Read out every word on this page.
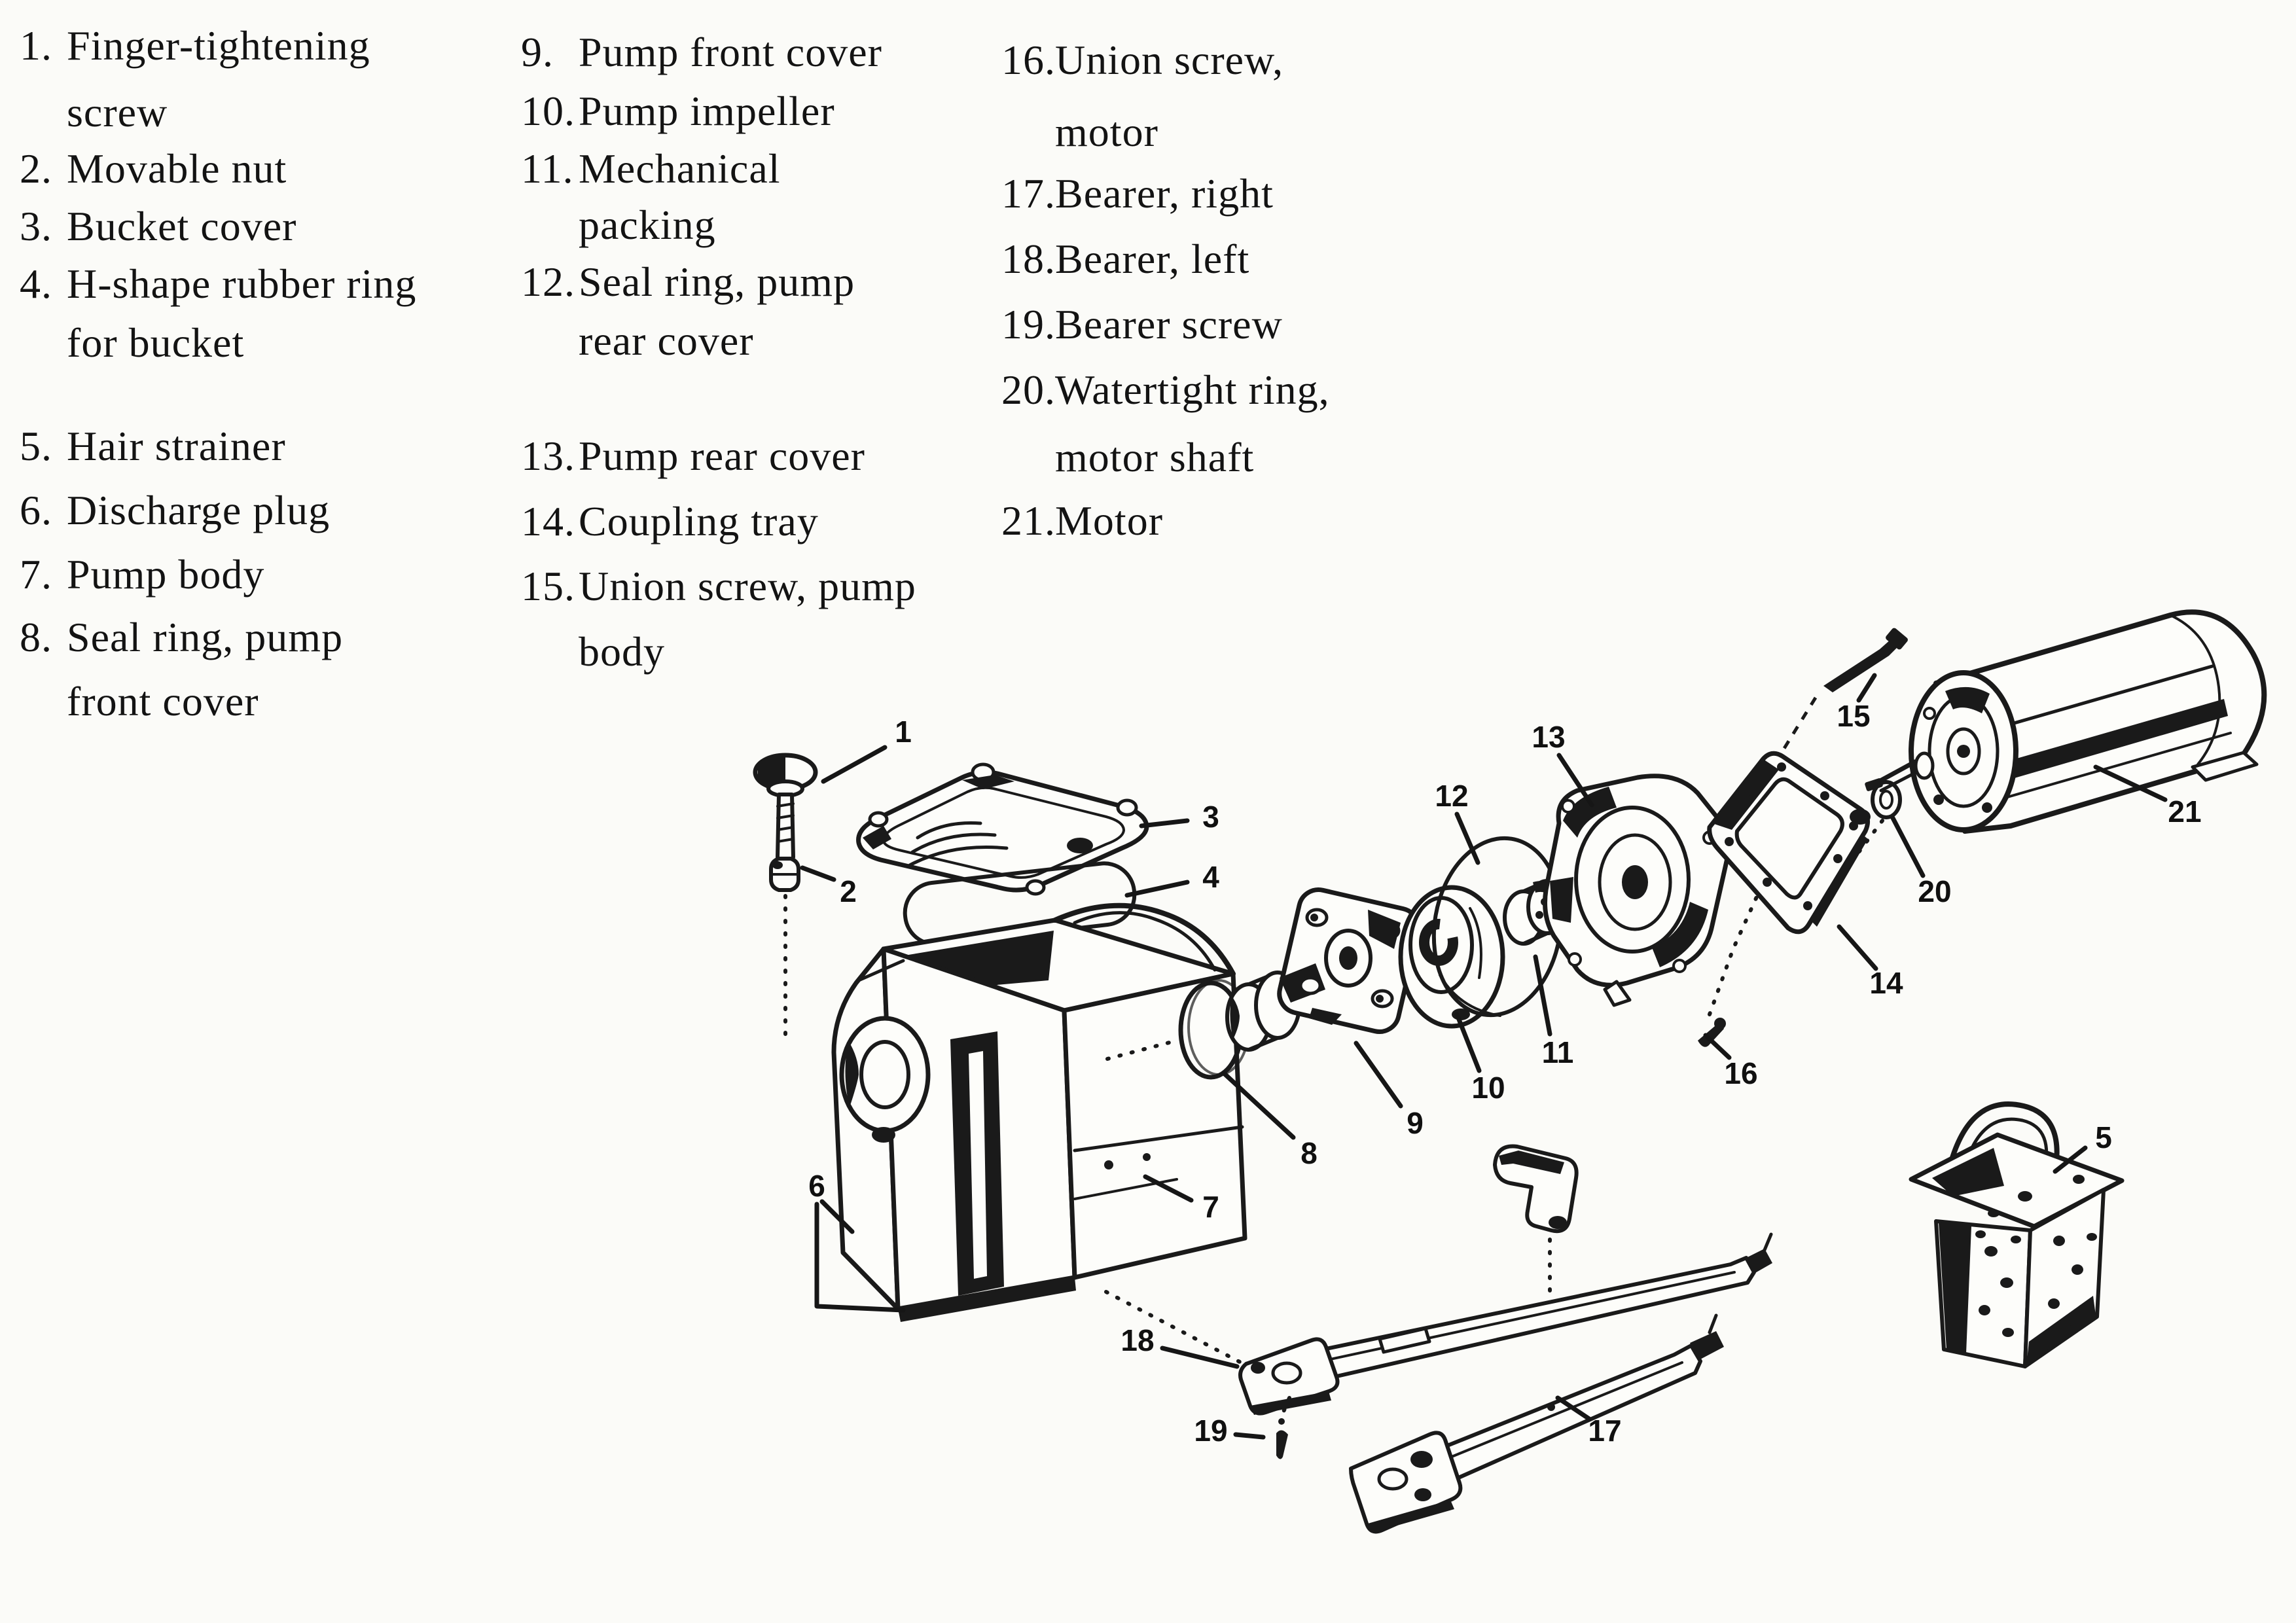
1. Finger-tightening
screw
2. Movable nut
3. Bucket cover
4. H-shape rubber ring
for bucket
5. Hair strainer
6. Discharge plug
7. Pump body
8. Seal ring, pump
front cover
9. Pump front cover
10. Pump impeller
11. Mechanical
packing
12. Seal ring, pump
rear cover
13. Pump rear cover
14. Coupling tray
15. Union screw, pump
body
16. Union screw,
motor
17. Bearer, right
18. Bearer, left
19. Bearer screw
20. Watertight ring,
motor shaft
21. Motor
1
2
3
4
5
6
7
8
9
10
11
12
13
14
15
16
17
18
19
20
21
